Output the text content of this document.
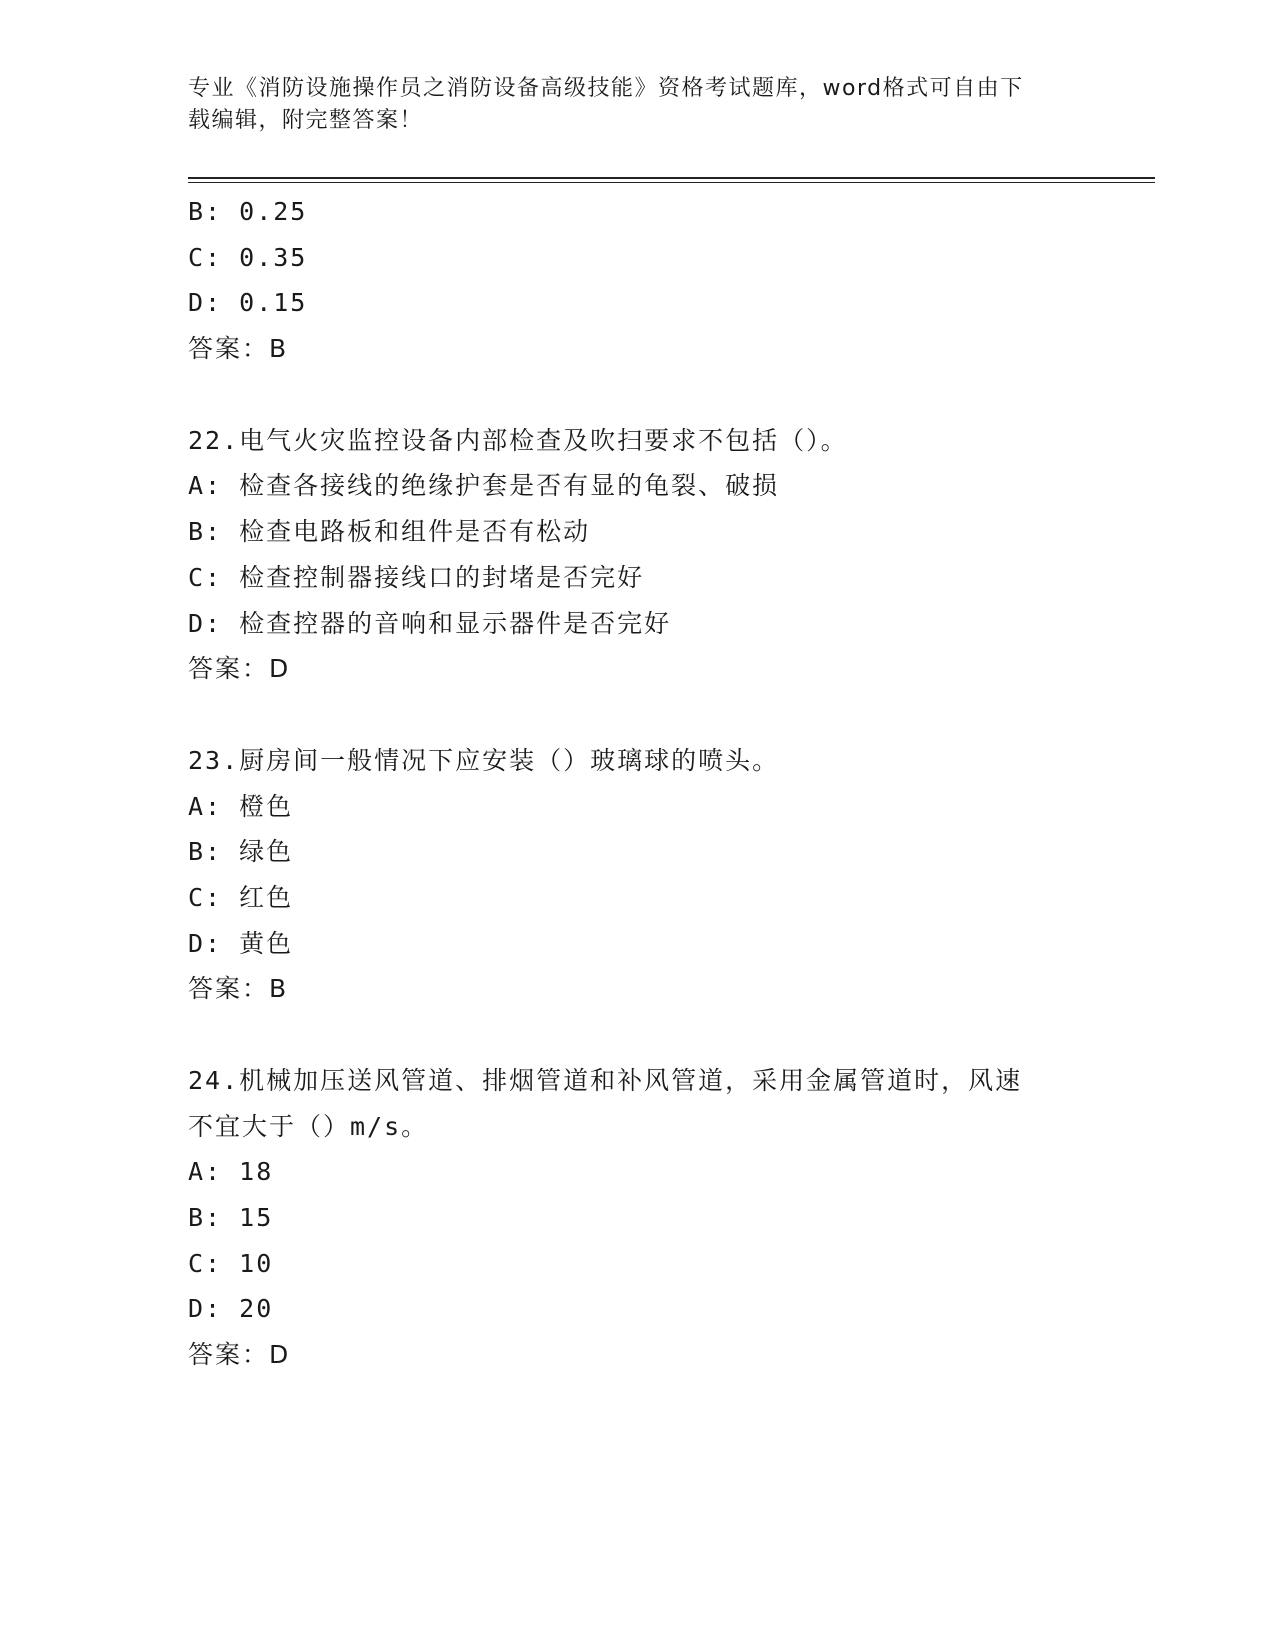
专业《消防设施操作员之消防设备高级技能》资格考试题库，word格式可自由下
载编辑，附完整答案！
B: 0.25
C: 0.35
D: 0.15
答案：B
22.电气火灾监控设备内部检查及吹扫要求不包括（）。
A: 检查各接线的绝缘护套是否有显的龟裂、破损
B: 检查电路板和组件是否有松动
C: 检查控制器接线口的封堵是否完好
D: 检查控器的音响和显示器件是否完好
答案：D
23.厨房间一般情况下应安装（）玻璃球的喷头。
A: 橙色
B: 绿色
C: 红色
D: 黄色
答案：B
24.机械加压送风管道、排烟管道和补风管道，采用金属管道时，风速
不宜大于（）m/s。
A: 18
B: 15
C: 10
D: 20
答案：D
